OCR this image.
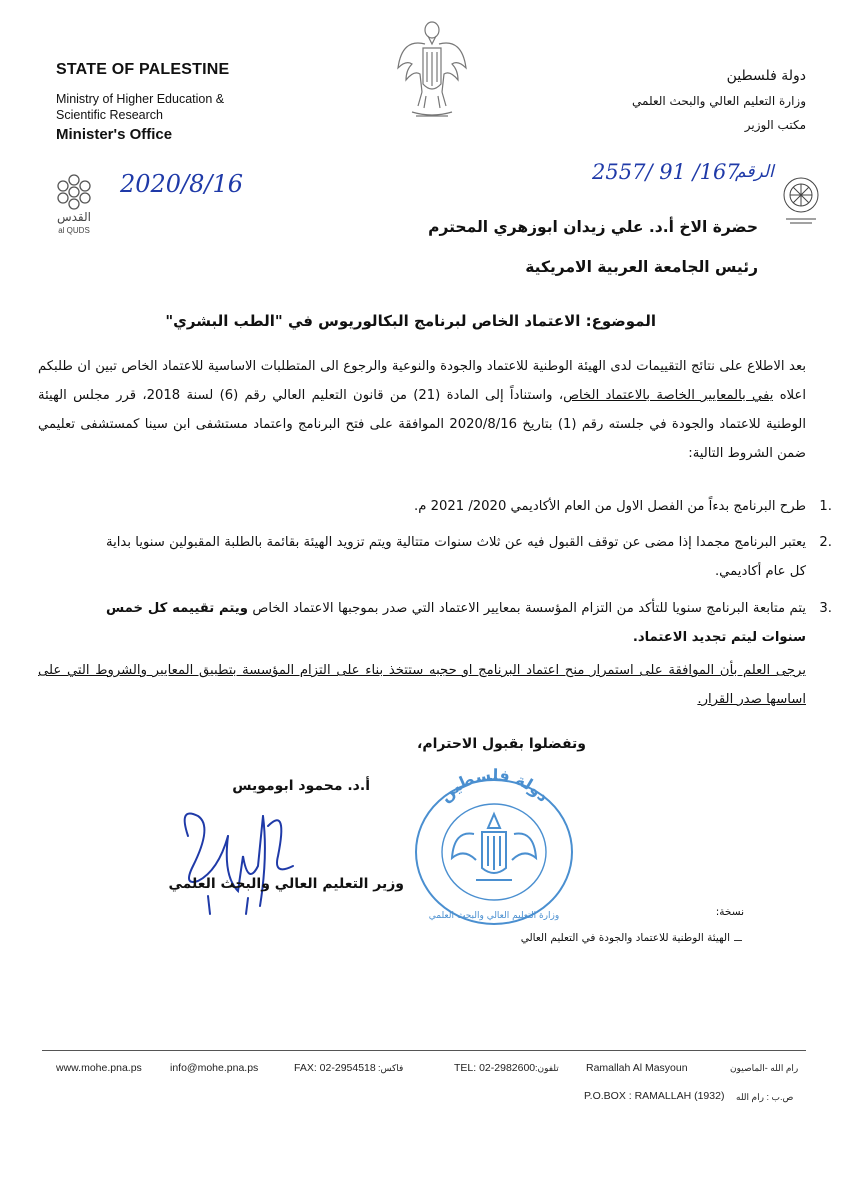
STATE OF PALESTINE
Ministry of Higher Education &
Scientific Research
Minister's Office
دولة فلسطين
وزارة التعليم العالي والبحث العلمي
مكتب الوزير
القدس
al QUDS
2020/8/16	2557/ 91 /167
الرقم
حضرة الاخ أ.د. علي زيدان ابوزهري المحترم
رئيس الجامعة العربية الامريكية
الموضوع: الاعتماد الخاص لبرنامج البكالوريوس في "الطب البشري"
بعد الاطلاع على نتائج التقييمات لدى الهيئة الوطنية للاعتماد والجودة والنوعية والرجوع الى المتطلبات الاساسية للاعتماد الخاص تبين ان طلبكم اعلاه يفي بالمعايير الخاصة بالاعتماد الخاص، واستناداً إلى المادة (21) من قانون التعليم العالي رقم (6) لسنة 2018، قرر مجلس الهيئة الوطنية للاعتماد والجودة في جلسته رقم (1) بتاريخ 2020/8/16 الموافقة على فتح البرنامج واعتماد مستشفى ابن سينا كمستشفى تعليمي ضمن الشروط التالية:
1.
طرح البرنامج بدءاً من الفصل الاول من العام الأكاديمي 2020/ 2021 م.
2.
يعتبر البرنامج مجمدا إذا مضى عن توقف القبول فيه عن ثلاث سنوات متتالية ويتم تزويد الهيئة بقائمة بالطلبة المقبولين سنويا بداية كل عام أكاديمي.
3.
يتم متابعة البرنامج سنويا للتأكد من التزام المؤسسة بمعايير الاعتماد التي صدر بموجبها الاعتماد الخاص ويتم تقييمه كل خمس سنوات ليتم تجديد الاعتماد.
يرجى العلم بأن الموافقة على استمرار منح اعتماد البرنامج او حجبه ستتخذ بناء على التزام المؤسسة بتطبيق المعايير والشروط التي على اساسها صدر القرار.
وتفضلوا بقبول الاحترام،
أ.د. محمود ابومويس
وزير التعليم العالي والبحث العلمي
دولة فلسطين
وزارة التعليم العالي والبحث العلمي	نسخة:
الهيئة الوطنية للاعتماد والجودة في التعليم العالي
www.mohe.pna.ps	info@mohe.pna.ps	FAX: 02-2954518 فاكس:	TEL: 02-2982600 تلفون:	Ramallah Al Masyoun	رام الله -الماصيون
P.O.BOX : RAMALLAH (1932) ص.ب : رام الله
